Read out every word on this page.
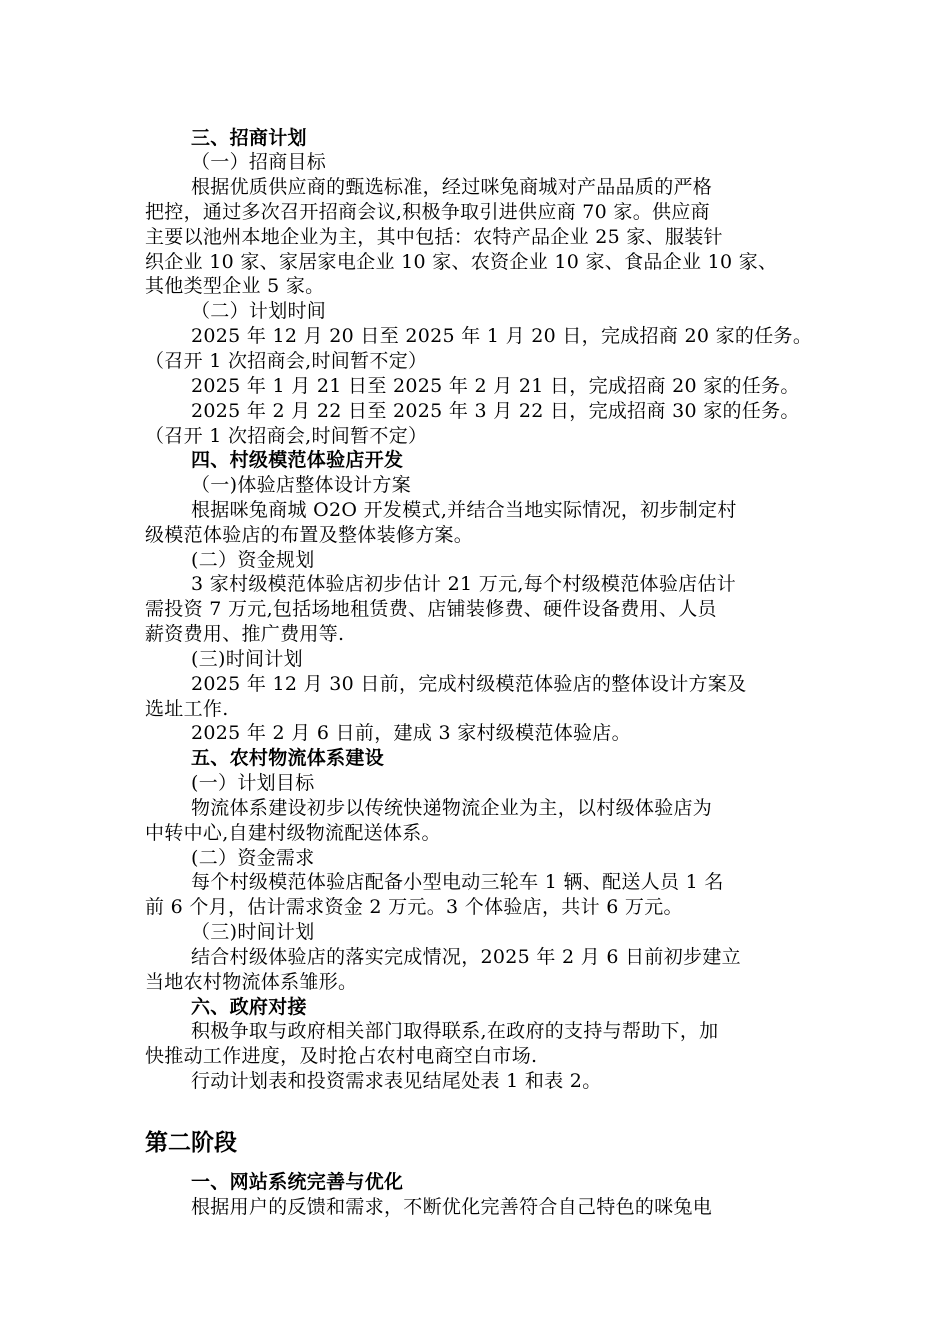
三、招商计划
（一）招商目标
根据优质供应商的甄选标准，经过咪兔商城对产品品质的严格
把控，通过多次召开招商会议,积极争取引进供应商 70 家。供应商
主要以池州本地企业为主，其中包括：农特产品企业 25 家、服装针
织企业 10 家、家居家电企业 10 家、农资企业 10 家、食品企业 10 家、
其他类型企业 5 家。
（二）计划时间
2025 年 12 月 20 日至 2025 年 1 月 20 日，完成招商 20 家的任务。
（召开 1 次招商会,时间暂不定）
2025 年 1 月 21 日至 2025 年 2 月 21 日，完成招商 20 家的任务。
2025 年 2 月 22 日至 2025 年 3 月 22 日，完成招商 30 家的任务。
（召开 1 次招商会,时间暂不定）
四、村级模范体验店开发
（一)体验店整体设计方案
根据咪兔商城 O2O 开发模式,并结合当地实际情况，初步制定村
级模范体验店的布置及整体装修方案。
(二）资金规划
3 家村级模范体验店初步估计 21 万元,每个村级模范体验店估计
需投资 7 万元,包括场地租赁费、店铺装修费、硬件设备费用、人员
薪资费用、推广费用等.
(三)时间计划
2025 年 12 月 30 日前，完成村级模范体验店的整体设计方案及
选址工作.
2025 年 2 月 6 日前，建成 3 家村级模范体验店。
五、农村物流体系建设
(一）计划目标
物流体系建设初步以传统快递物流企业为主，以村级体验店为
中转中心,自建村级物流配送体系。
(二）资金需求
每个村级模范体验店配备小型电动三轮车 1 辆、配送人员 1 名
前 6 个月，估计需求资金 2 万元。3 个体验店，共计 6 万元。
（三)时间计划
结合村级体验店的落实完成情况，2025 年 2 月 6 日前初步建立
当地农村物流体系雏形。
六、政府对接
积极争取与政府相关部门取得联系,在政府的支持与帮助下，加
快推动工作进度，及时抢占农村电商空白市场.
行动计划表和投资需求表见结尾处表 1 和表 2。
第二阶段
一、网站系统完善与优化
根据用户的反馈和需求，不断优化完善符合自己特色的咪兔电
